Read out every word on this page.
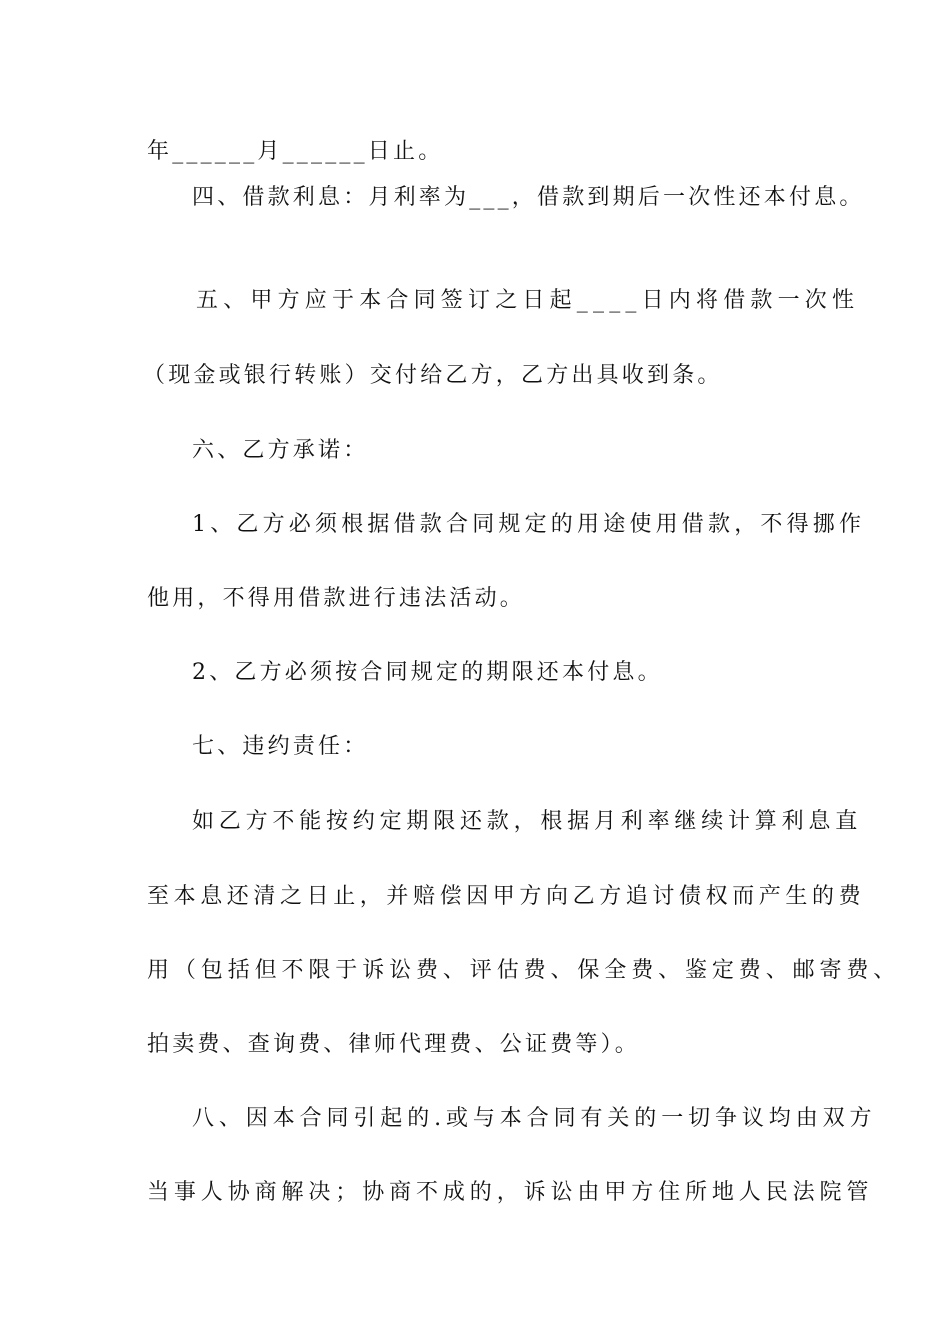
年______月______日止。
四、借款利息：月利率为___，借款到期后一次性还本付息。
五、甲方应于本合同签订之日起____日内将借款一次性
（现金或银行转账）交付给乙方，乙方出具收到条。
六、乙方承诺：
1、乙方必须根据借款合同规定的用途使用借款，不得挪作
他用，不得用借款进行违法活动。
2、乙方必须按合同规定的期限还本付息。
七、违约责任：
如乙方不能按约定期限还款，根据月利率继续计算利息直
至本息还清之日止，并赔偿因甲方向乙方追讨债权而产生的费
用（包括但不限于诉讼费、评估费、保全费、鉴定费、邮寄费、
拍卖费、查询费、律师代理费、公证费等）。
八、因本合同引起的.或与本合同有关的一切争议均由双方
当事人协商解决；协商不成的，诉讼由甲方住所地人民法院管
